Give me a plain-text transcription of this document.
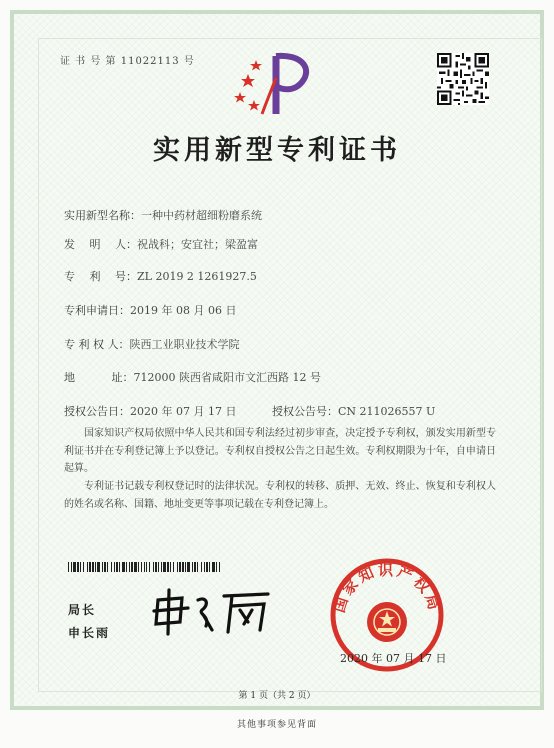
证 书 号 第 11022113 号
实用新型专利证书
实用新型名称：一种中药材超细粉磨系统
发　 明　 人：祝战科；安宜社；梁盈富
专　 利　 号：ZL 2019 2 1261927.5
专利申请日：2019 年 08 月 06 日
专 利 权 人：陕西工业职业技术学院
地　　　 址：712000 陕西省咸阳市文汇西路 12 号
授权公告日：2020 年 07 月 17 日	授权公告号：CN 211026557 U
国家知识产权局依照中华人民共和国专利法经过初步审查，决定授予专利权，颁发实用新型专利证书并在专利登记簿上予以登记。专利权自授权公告之日起生效。专利权期限为十年，自申请日起算。
专利证书记载专利权登记时的法律状况。专利权的转移、质押、无效、终止、恢复和专利权人的姓名或名称、国籍、地址变更等事项记载在专利登记簿上。
局长
申长雨
国家知识产权局
2020 年 07 月 17 日
第 1 页（共 2 页）
其他事项参见背面
